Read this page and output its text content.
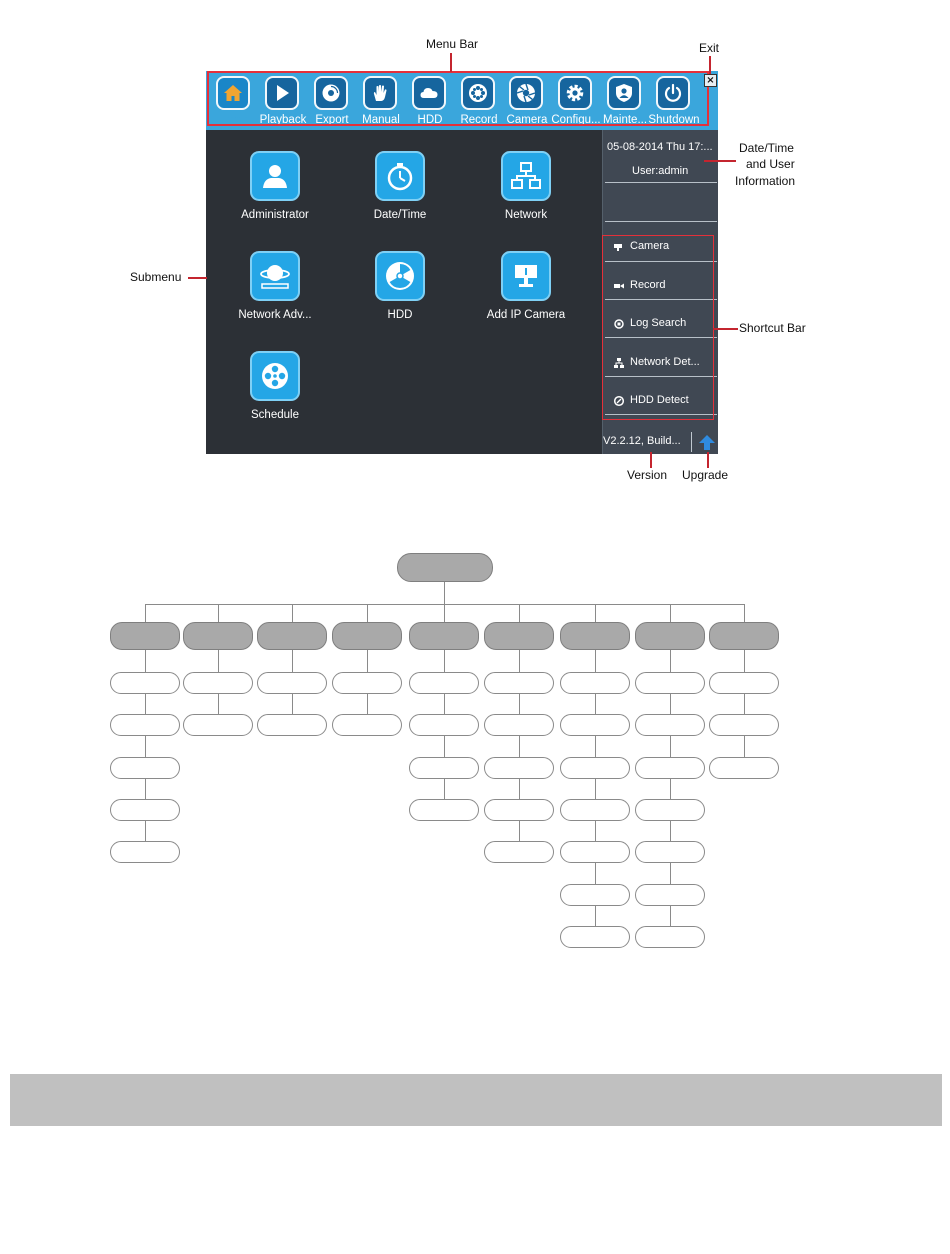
Home Playback Export	Manual	HDD	Record Camera Configu... Mainte... Shutdown
×
Administrator	Date/Time	Network
Network Adv...	HDD	Add IP Camera
Schedule
05-08-2014 Thu 17:...
User:admin
Camera
Record
Log Search
Network Det...
HDD Detect
V2.2.12, Build...
Menu Bar	Exit
Date/Time
and User
Information
Submenu
Shortcut Bar
Version Upgrade
